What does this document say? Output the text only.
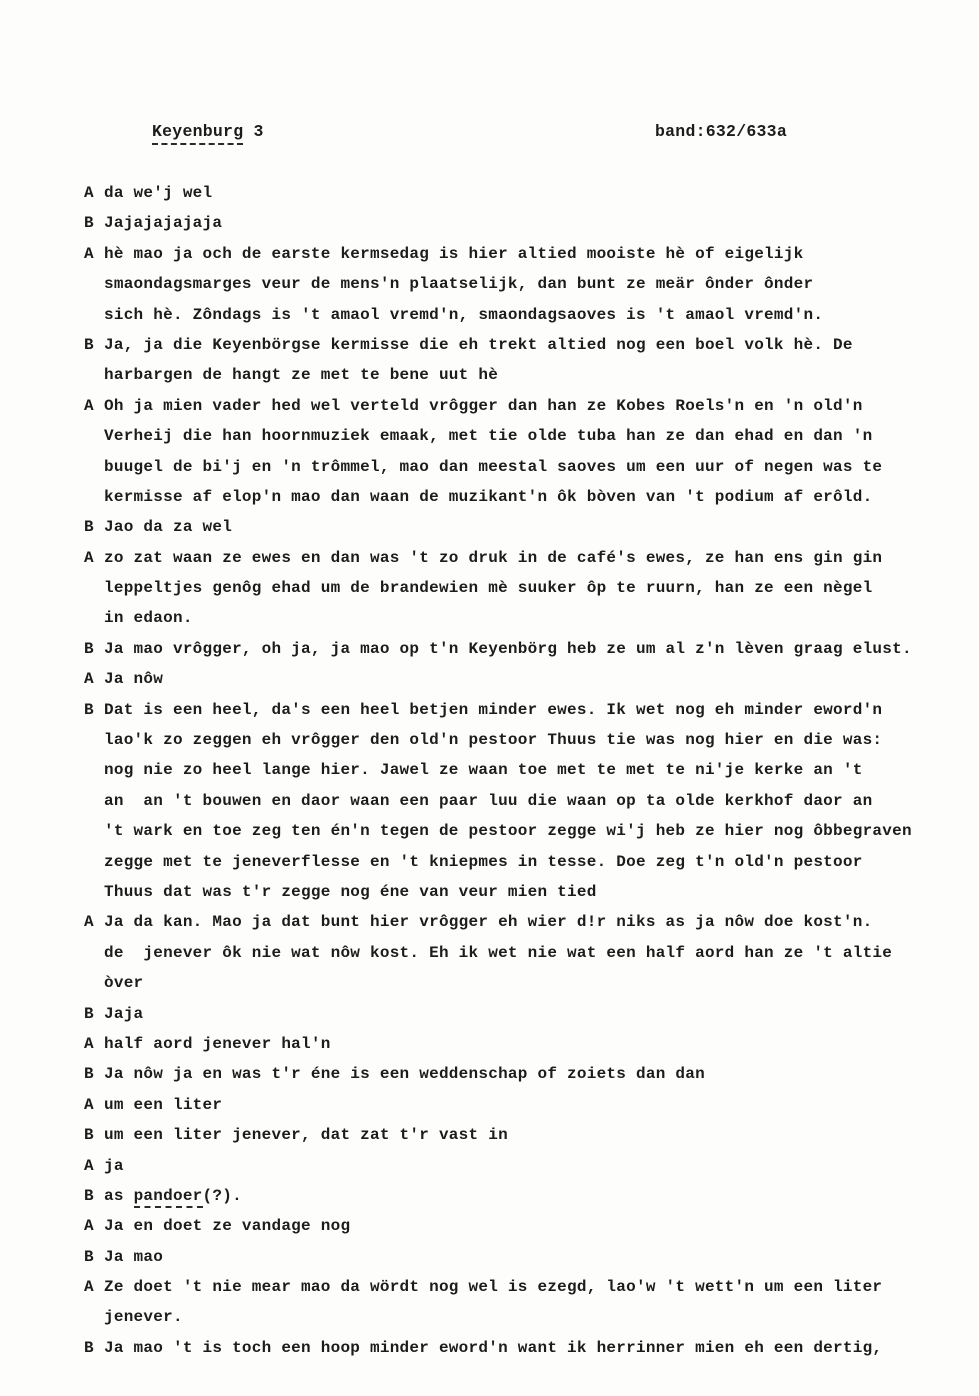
Keyenburg 3	band:632/633a
A da we'j wel
B Jajajajajaja
A hè mao ja och de earste kermsedag is hier altied mooiste hè of eigelijk
smaondagsmarges veur de mens'n plaatselijk, dan bunt ze meär ônder ônder
sich hè. Zôndags is 't amaol vremd'n, smaondagsaoves is 't amaol vremd'n.
B Ja, ja die Keyenbörgse kermisse die eh trekt altied nog een boel volk hè. De
harbargen de hangt ze met te bene uut hè
A Oh ja mien vader hed wel verteld vrôgger dan han ze Kobes Roels'n en 'n old'n
Verheij die han hoornmuziek emaak, met tie olde tuba han ze dan ehad en dan 'n
buugel de bi'j en 'n trômmel, mao dan meestal saoves um een uur of negen was te
kermisse af elop'n mao dan waan de muzikant'n ôk bòven van 't podium af erôld.
B Jao da za wel
A zo zat waan ze ewes en dan was 't zo druk in de café's ewes, ze han ens gin gin
leppeltjes genôg ehad um de brandewien mè suuker ôp te ruurn, han ze een nègel
in edaon.
B Ja mao vrôgger, oh ja, ja mao op t'n Keyenbörg heb ze um al z'n lèven graag elust.
A Ja nôw
B Dat is een heel, da's een heel betjen minder ewes. Ik wet nog eh minder eword'n
lao'k zo zeggen eh vrôgger den old'n pestoor Thuus tie was nog hier en die was:
nog nie zo heel lange hier. Jawel ze waan toe met te met te ni'je kerke an 't
an  an 't bouwen en daor waan een paar luu die waan op ta olde kerkhof daor an
't wark en toe zeg ten én'n tegen de pestoor zegge wi'j heb ze hier nog ôbbegraven
zegge met te jeneverflesse en 't kniepmes in tesse. Doe zeg t'n old'n pestoor
Thuus dat was t'r zegge nog éne van veur mien tied
A Ja da kan. Mao ja dat bunt hier vrôgger eh wier d!r niks as ja nôw doe kost'n.
de  jenever ôk nie wat nôw kost. Eh ik wet nie wat een half aord han ze 't altie
òver
B Jaja
A half aord jenever hal'n
B Ja nôw ja en was t'r éne is een weddenschap of zoiets dan dan
A um een liter
B um een liter jenever, dat zat t'r vast in
A ja
B as pandoer(?).
A Ja en doet ze vandage nog
B Ja mao
A Ze doet 't nie mear mao da wördt nog wel is ezegd, lao'w 't wett'n um een liter
jenever.
B Ja mao 't is toch een hoop minder eword'n want ik herrinner mien eh een dertig,
